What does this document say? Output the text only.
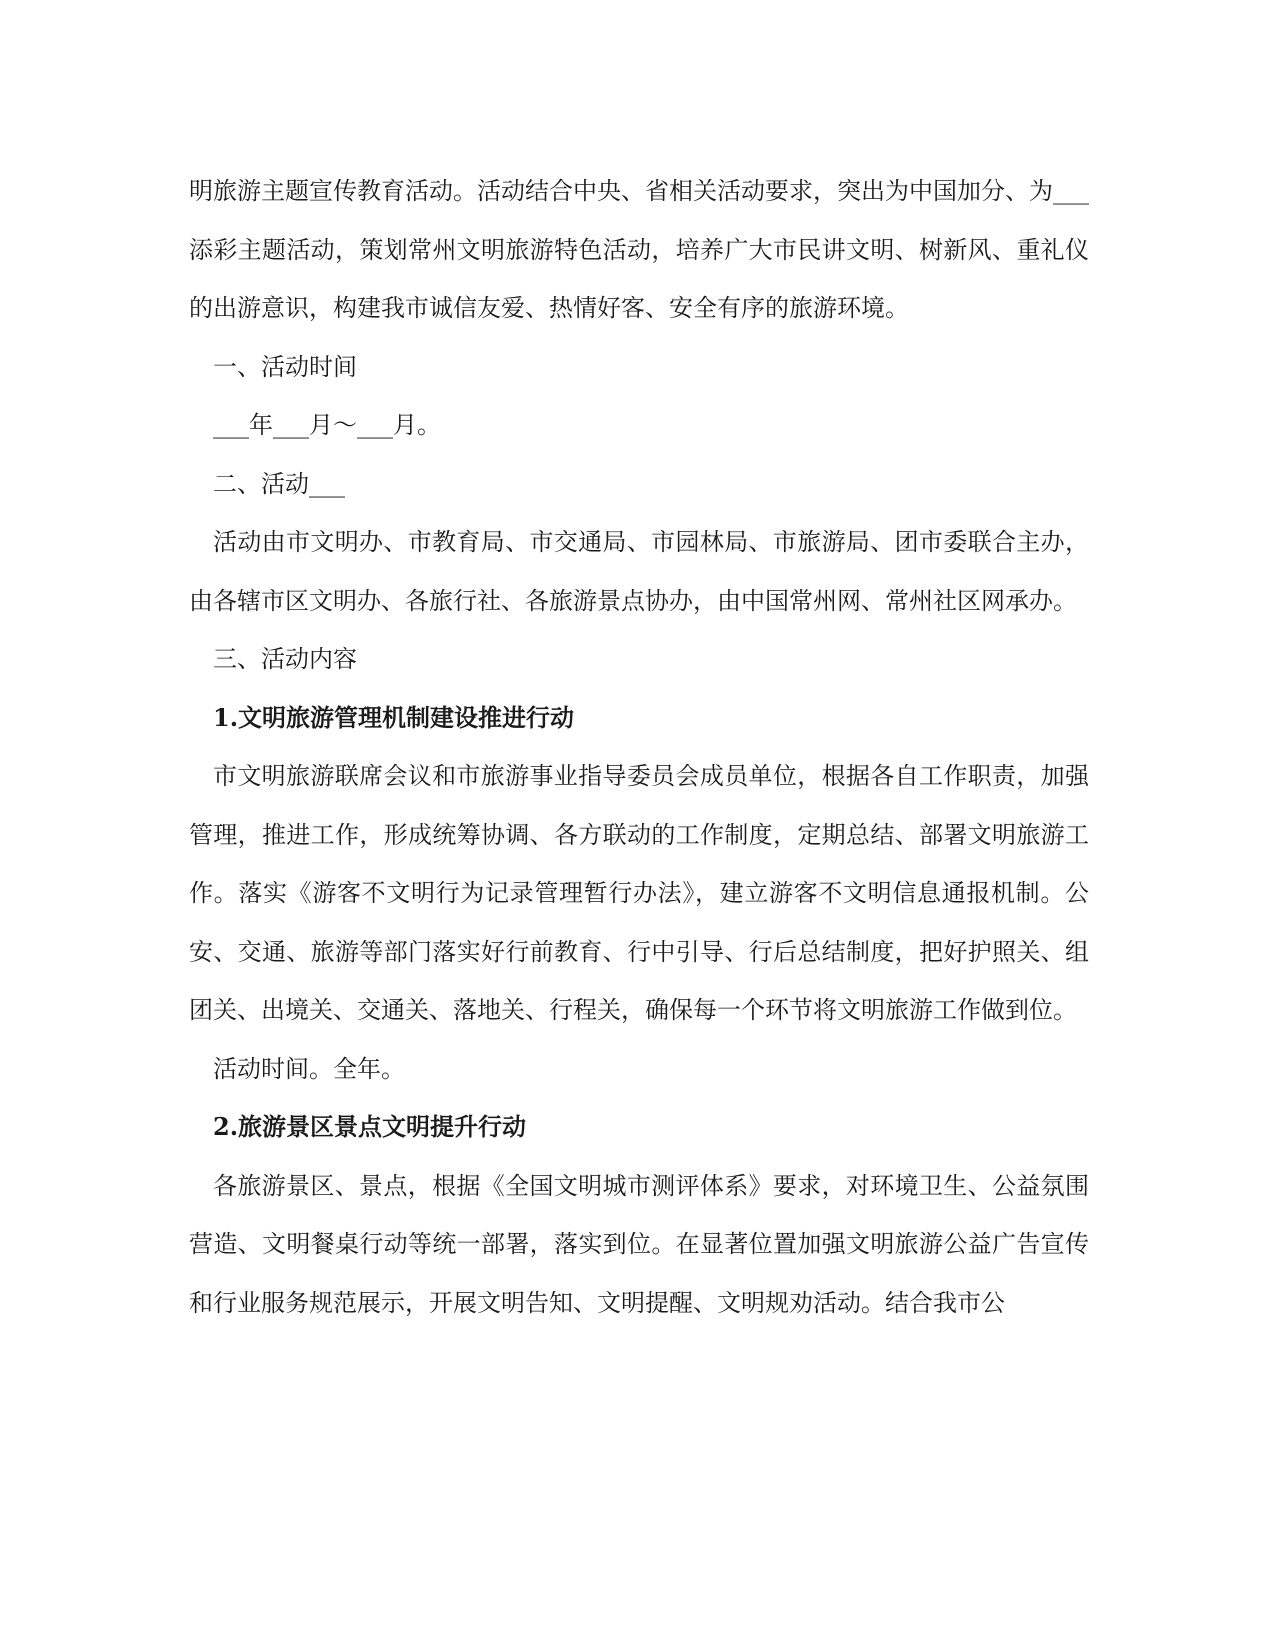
明旅游主题宣传教育活动。活动结合中央、省相关活动要求，突出为中国加分、为___添彩主题活动，策划常州文明旅游特色活动，培养广大市民讲文明、树新风、重礼仪的出游意识，构建我市诚信友爱、热情好客、安全有序的旅游环境。

一、活动时间

___年___月～___月。

二、活动___

活动由市文明办、市教育局、市交通局、市园林局、市旅游局、团市委联合主办，由各辖市区文明办、各旅行社、各旅游景点协办，由中国常州网、常州社区网承办。

三、活动内容

1.文明旅游管理机制建设推进行动

市文明旅游联席会议和市旅游事业指导委员会成员单位，根据各自工作职责，加强管理，推进工作，形成统筹协调、各方联动的工作制度，定期总结、部署文明旅游工作。落实《游客不文明行为记录管理暂行办法》，建立游客不文明信息通报机制。公安、交通、旅游等部门落实好行前教育、行中引导、行后总结制度，把好护照关、组团关、出境关、交通关、落地关、行程关，确保每一个环节将文明旅游工作做到位。

活动时间。全年。

2.旅游景区景点文明提升行动

各旅游景区、景点，根据《全国文明城市测评体系》要求，对环境卫生、公益氛围营造、文明餐桌行动等统一部署，落实到位。在显著位置加强文明旅游公益广告宣传和行业服务规范展示，开展文明告知、文明提醒、文明规劝活动。结合我市公
